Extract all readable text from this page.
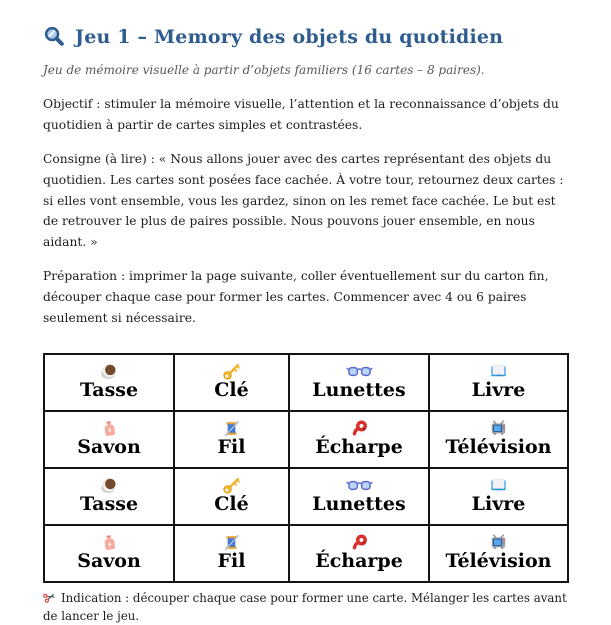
Jeu 1 – Memory des objets du quotidien

Jeu de mémoire visuelle à partir d’objets familiers (16 cartes – 8 paires).

Objectif : stimuler la mémoire visuelle, l’attention et la reconnaissance d’objets du quotidien à partir de cartes simples et contrastées.

Consigne (à lire) : « Nous allons jouer avec des cartes représentant des objets du quotidien. Les cartes sont posées face cachée. À votre tour, retournez deux cartes : si elles vont ensemble, vous les gardez, sinon on les remet face cachée. Le but est de retrouver le plus de paires possible. Nous pouvons jouer ensemble, en nous aidant. »

Préparation : imprimer la page suivante, coller éventuellement sur du carton fin, découper chaque case pour former les cartes. Commencer avec 4 ou 6 paires seulement si nécessaire.

Tasse	Clé	Lunettes	Livre

Savon	Fil	Écharpe	Télévision

Tasse	Clé	Lunettes	Livre

Savon	Fil	Écharpe	Télévision

Indication : découper chaque case pour former une carte. Mélanger les cartes avant de lancer le jeu.
